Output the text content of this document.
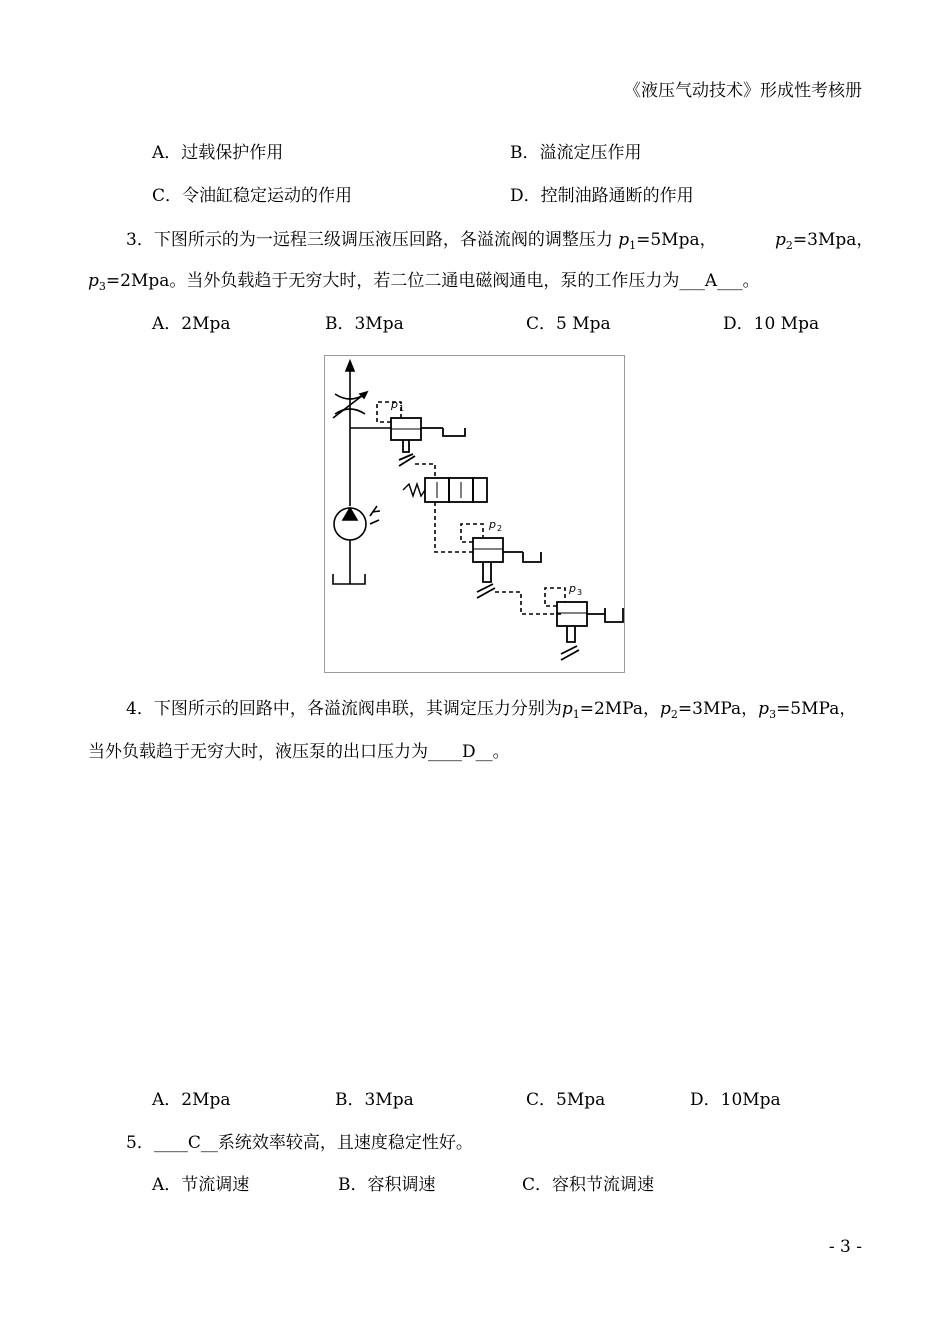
《液压气动技术》形成性考核册
A．过载保护作用	B．溢流定压作用
C．令油缸稳定运动的作用	D．控制油路通断的作用
3．下图所示的为一远程三级调压液压回路，各溢流阀的调整压力 $p_1=5Mpa$，	$p_2=3Mpa$，
$p_3=2Mpa$。当外负载趋于无穷大时，若二位二通电磁阀通电，泵的工作压力为___A___。
A．2Mpa	B．3Mpa	C．5 Mpa	D．10 Mpa
p 1
p 2
p 3
4．下图所示的回路中，各溢流阀串联，其调定压力分别为$p_1=2MPa$，$p_2=3MPa$，$p_3=5MPa$，
当外负载趋于无穷大时，液压泵的出口压力为____D__。
A．2Mpa	B．3Mpa	C．5Mpa	D．10Mpa
5．____C__系统效率较高，且速度稳定性好。
A．节流调速	B．容积调速	C．容积节流调速
- 3 -
